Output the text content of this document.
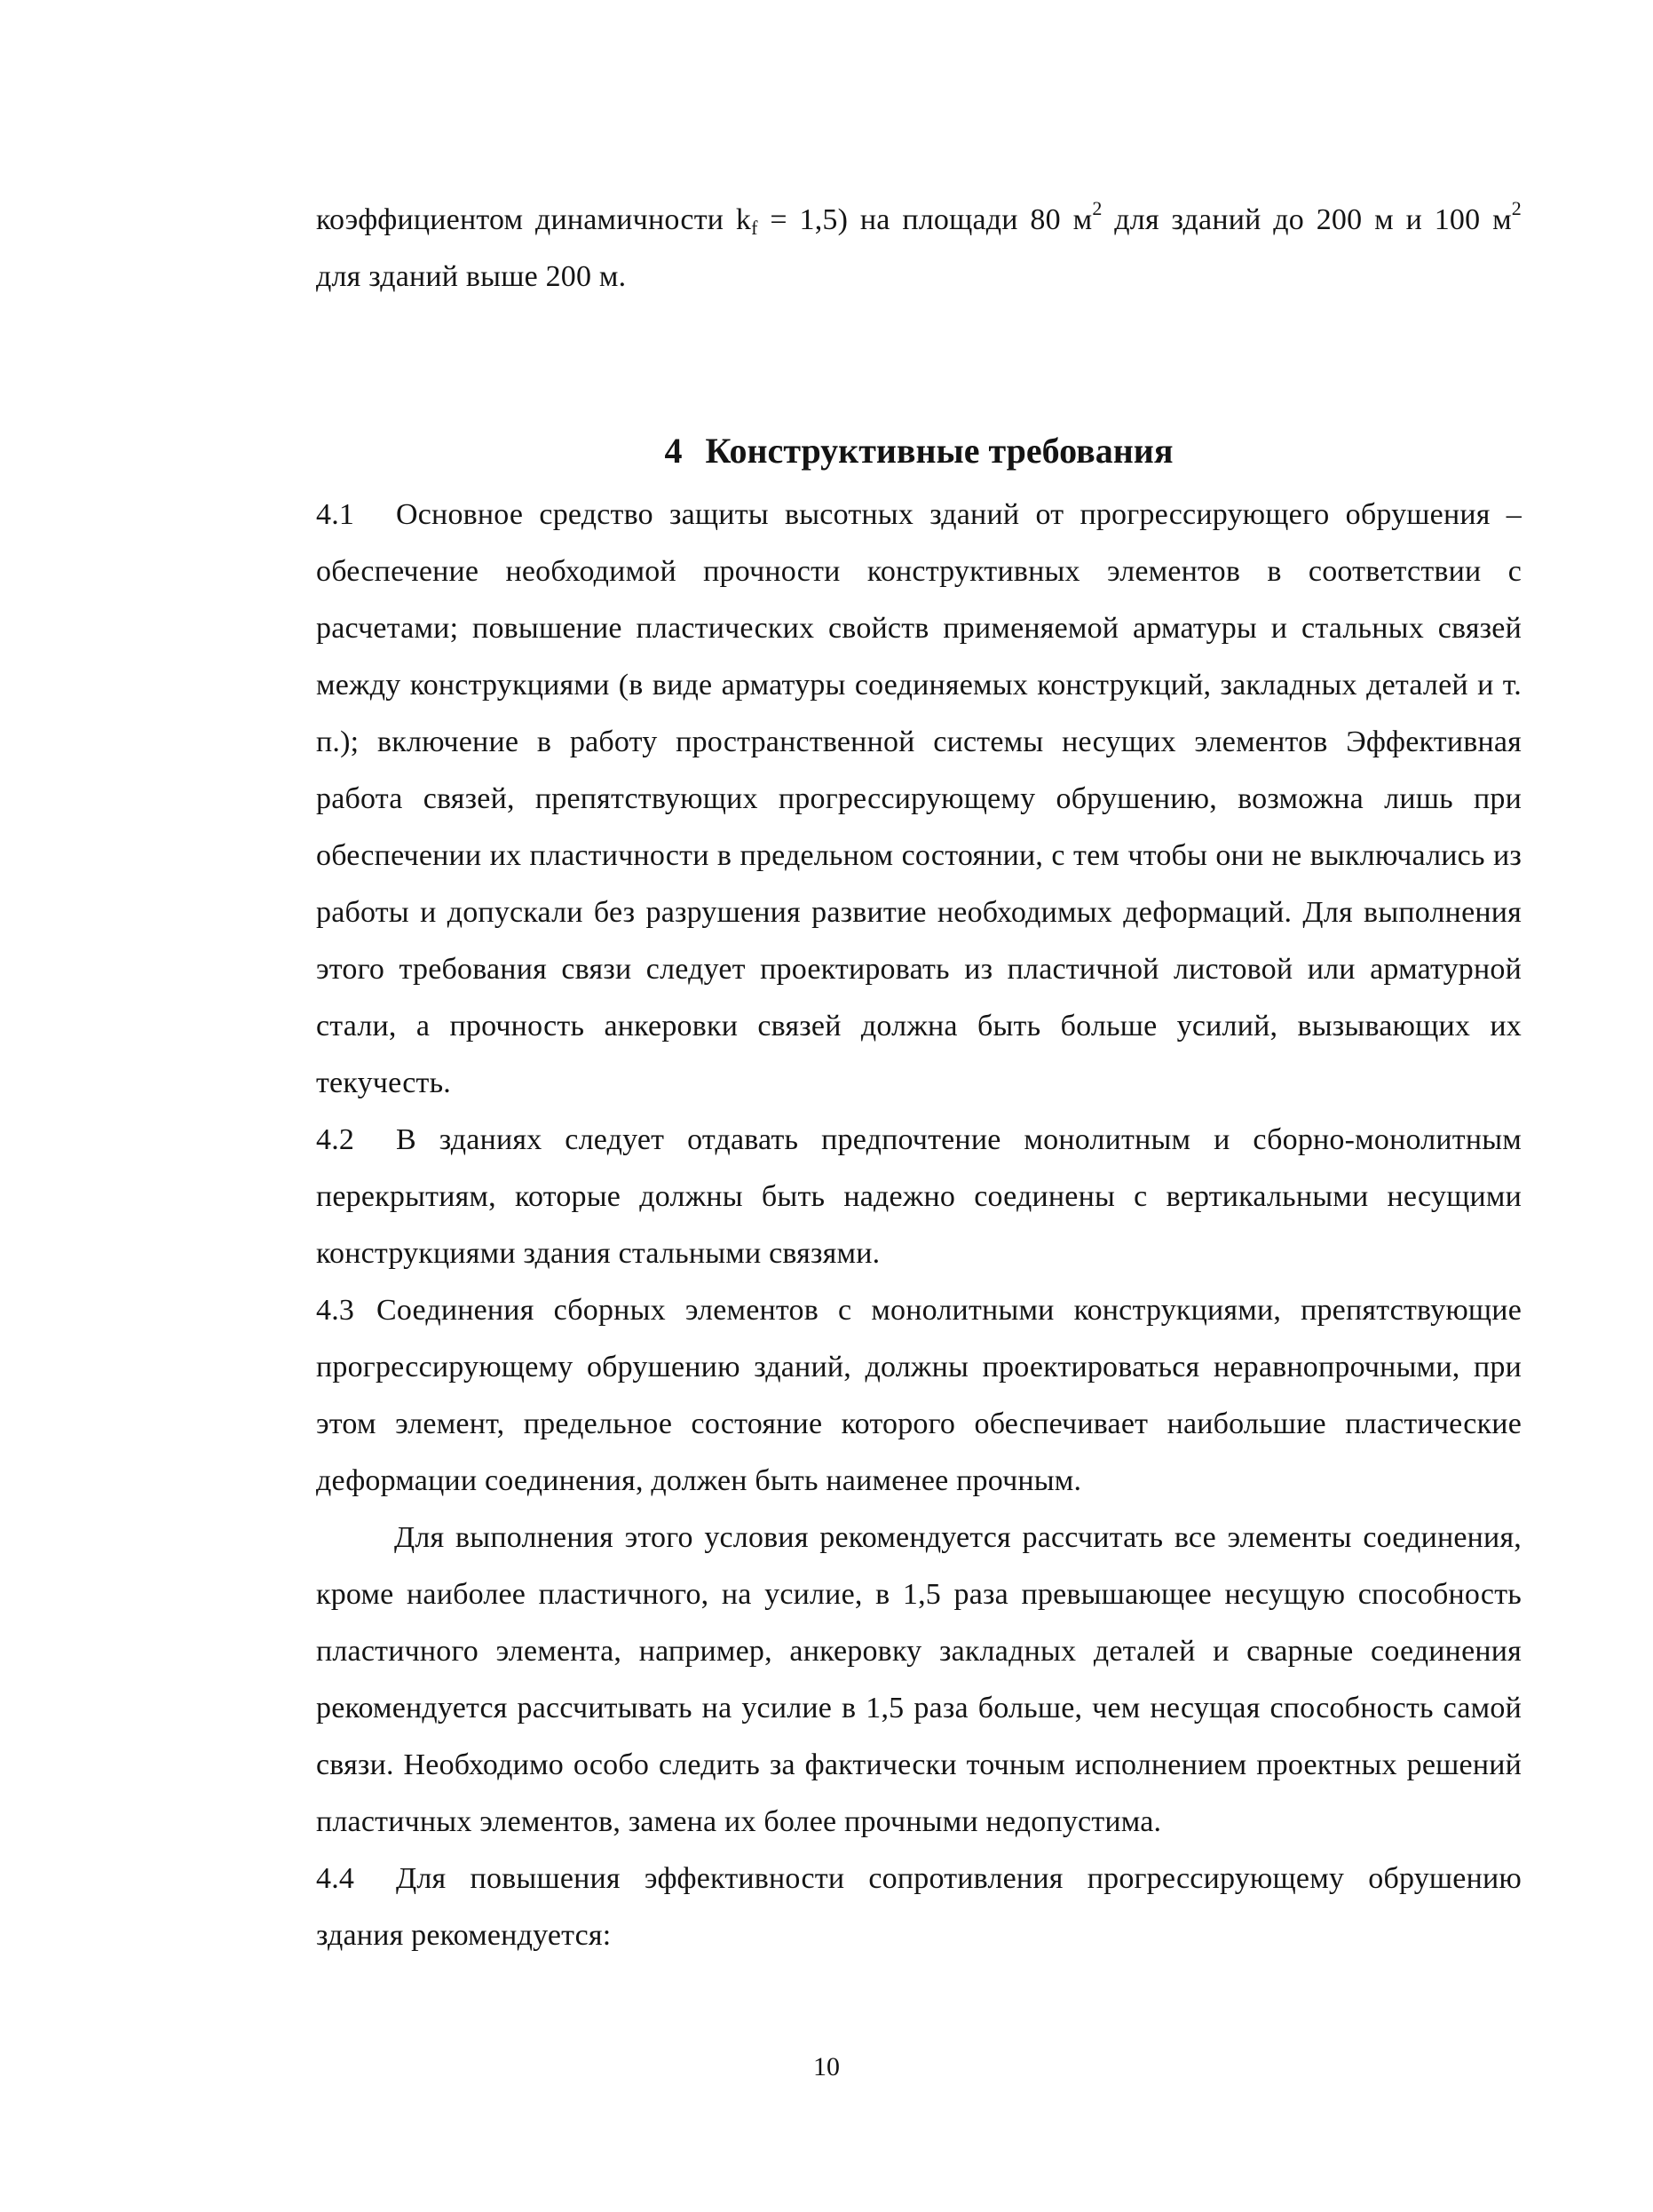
коэффициентом динамичности $k_f = 1,5$) на площади 80 $м^2$ для зданий до 200 м и 100 $м^2$
для зданий выше 200 м.
4 Конструктивные требования

4.1 Основное средство защиты высотных зданий от прогрессирующего обрушения – обеспечение необходимой прочности конструктивных элементов в соответствии с расчетами; повышение пластических свойств применяемой арматуры и стальных связей между конструкциями (в виде арматуры соединяемых конструкций, закладных деталей и т. п.); включение в работу пространственной системы несущих элементов Эффективная работа связей, препятствующих прогрессирующему обрушению, возможна лишь при обеспечении их пластичности в предельном состоянии, с тем чтобы они не выключались из работы и допускали без разрушения развитие необходимых деформаций. Для выполнения этого требования связи следует проектировать из пластичной листовой или арматурной стали, а прочность анкеровки связей должна быть больше усилий, вызывающих их текучесть.

4.2 В зданиях следует отдавать предпочтение монолитным и сборно-монолитным перекрытиям, которые должны быть надежно соединены с вертикальными несущими конструкциями здания стальными связями.

4.3 Соединения сборных элементов с монолитными конструкциями, препятствующие прогрессирующему обрушению зданий, должны проектироваться неравнопрочными, при этом элемент, предельное состояние которого обеспечивает наибольшие пластические деформации соединения, должен быть наименее прочным.

Для выполнения этого условия рекомендуется рассчитать все элементы соединения, кроме наиболее пластичного, на усилие, в 1,5 раза превышающее несущую способность пластичного элемента, например, анкеровку закладных деталей и сварные соединения рекомендуется рассчитывать на усилие в 1,5 раза больше, чем несущая способность самой связи. Необходимо особо следить за фактически точным исполнением проектных решений пластичных элементов, замена их более прочными недопустима.

4.4 Для повышения эффективности сопротивления прогрессирующему обрушению здания рекомендуется:

10
